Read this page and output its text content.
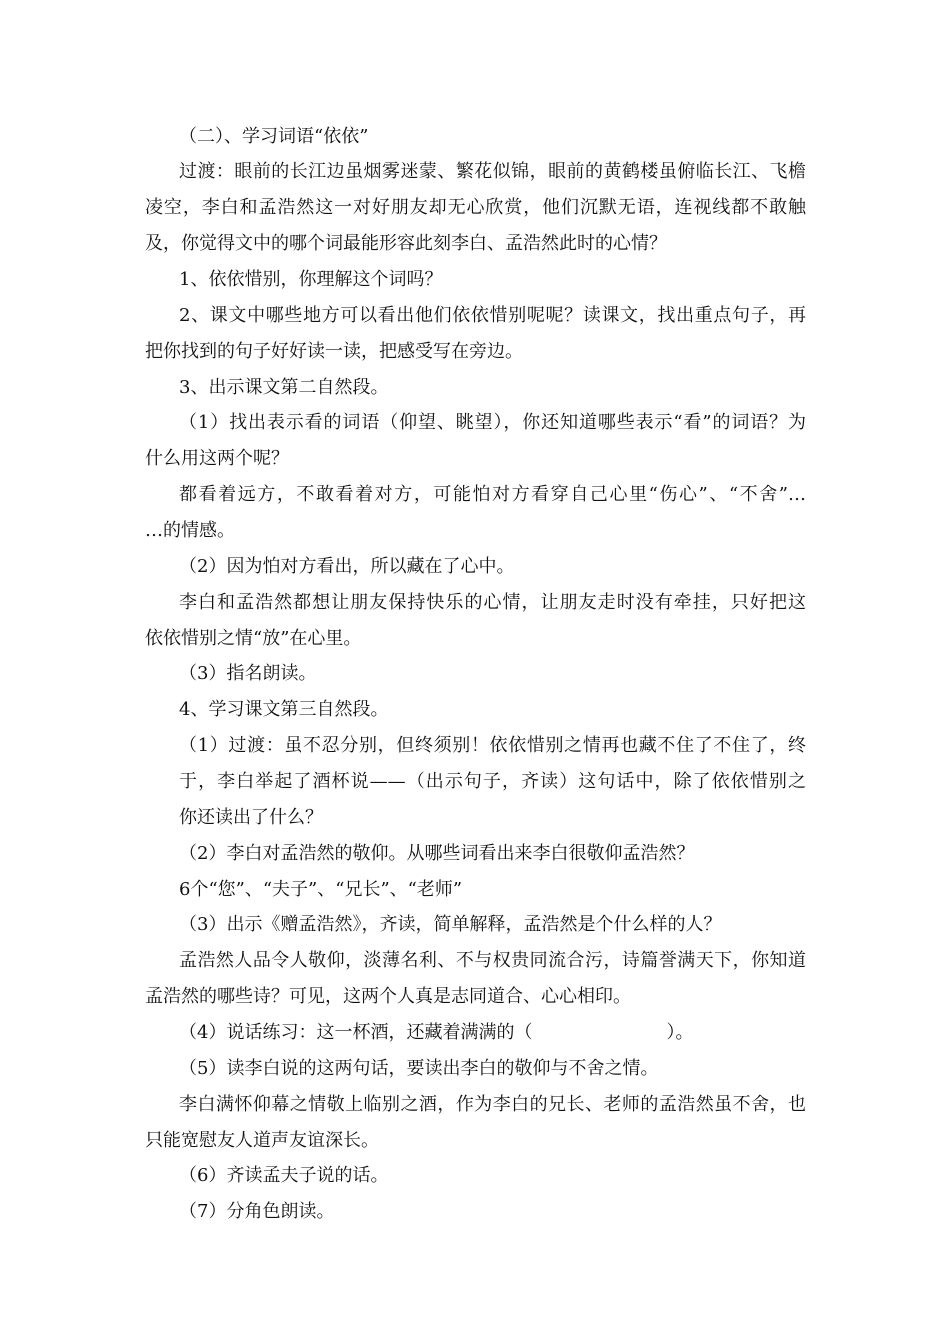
（二）、学习词语“依依”
过渡：眼前的长江边虽烟雾迷蒙、繁花似锦，眼前的黄鹤楼虽俯临长江、飞檐
凌空，李白和孟浩然这一对好朋友却无心欣赏，他们沉默无语，连视线都不敢触
及，你觉得文中的哪个词最能形容此刻李白、孟浩然此时的心情？
1、依依惜别，你理解这个词吗？
2、课文中哪些地方可以看出他们依依惜别呢呢？读课文，找出重点句子，再
把你找到的句子好好读一读，把感受写在旁边。
3、出示课文第二自然段。
（1）找出表示看的词语（仰望、眺望），你还知道哪些表示“看”的词语？为
什么用这两个呢？
都看着远方，不敢看着对方，可能怕对方看穿自己心里“伤心”、“不舍”…
…的情感。
（2）因为怕对方看出，所以藏在了心中。
李白和孟浩然都想让朋友保持快乐的心情，让朋友走时没有牵挂，只好把这
依依惜别之情“放”在心里。
（3）指名朗读。
4、学习课文第三自然段。
（1）过渡：虽不忍分别，但终须别！依依惜别之情再也藏不住了不住了，终
于，李白举起了酒杯说——（出示句子，齐读）这句话中，除了依依惜别之
你还读出了什么？
（2）李白对孟浩然的敬仰。从哪些词看出来李白很敬仰孟浩然？
6个“您”、“夫子”、“兄长”、“老师”
（3）出示《赠孟浩然》，齐读，简单解释，孟浩然是个什么样的人？
孟浩然人品令人敬仰，淡薄名利、不与权贵同流合污，诗篇誉满天下，你知道
孟浩然的哪些诗？可见，这两个人真是志同道合、心心相印。
（4）说话练习：这一杯酒，还藏着满满的（	）。
（5）读李白说的这两句话，要读出李白的敬仰与不舍之情。
李白满怀仰幕之情敬上临别之酒，作为李白的兄长、老师的孟浩然虽不舍，也
只能宽慰友人道声友谊深长。
（6）齐读孟夫子说的话。
（7）分角色朗读。
